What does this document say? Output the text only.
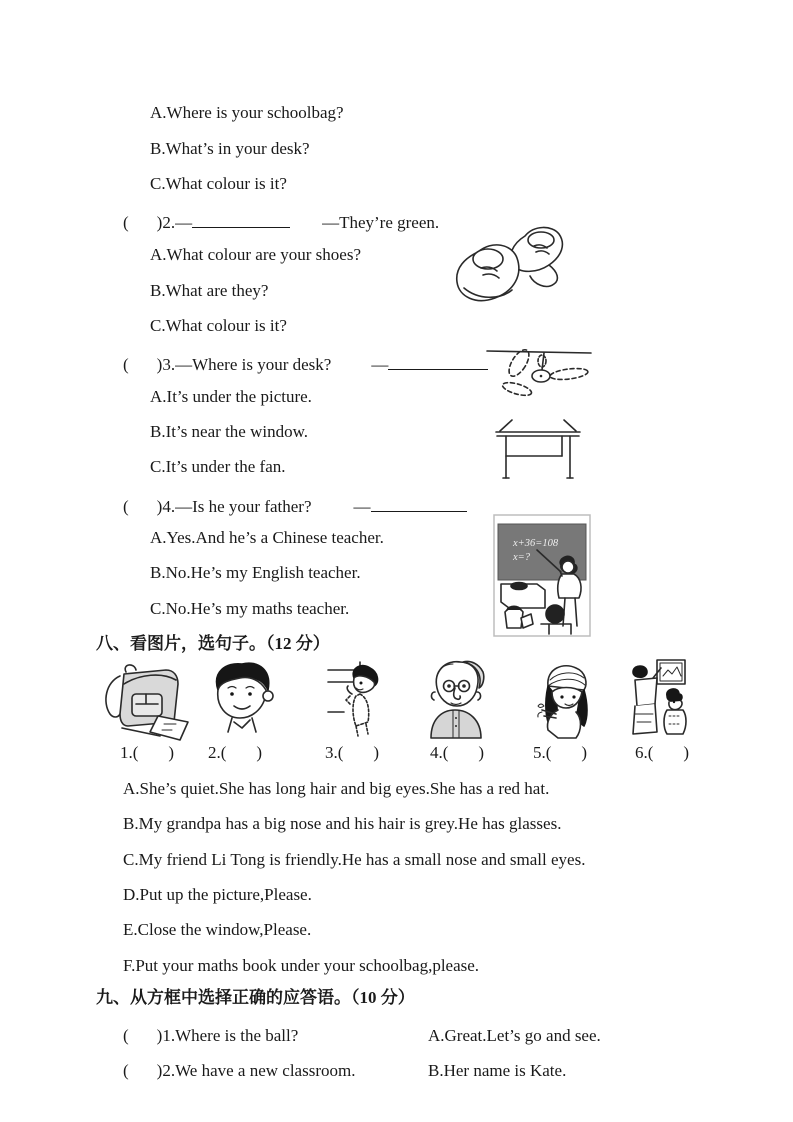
A.Where is your schoolbag?
B.What’s in your desk?
C.What colour is it?
( )2.—	—They’re green.
A.What colour are your shoes?
B.What are they?
C.What colour is it?
( )3.—Where is your desk? —
A.It’s under the picture.
B.It’s near the window.
C.It’s under the fan.
( )4.—Is he your father? —
A.Yes.And he’s a Chinese teacher.
B.No.He’s my English teacher.
C.No.He’s my maths teacher.
x+36=108
x=?
八、看图片，选句子。（12 分）
1.( ) 2.( )	3.( )	4.( )	5.( )	6.( )
A.She’s quiet.She has long hair and big eyes.She has a red hat.
B.My grandpa has a big nose and his hair is grey.He has glasses.
C.My friend Li Tong is friendly.He has a small nose and small eyes.
D.Put up the picture,Please.
E.Close the window,Please.
F.Put your maths book under your schoolbag,please.
九、从方框中选择正确的应答语。（10 分）
( )1.Where is the ball?	A.Great.Let’s go and see.
( )2.We have a new classroom.	B.Her name is Kate.
